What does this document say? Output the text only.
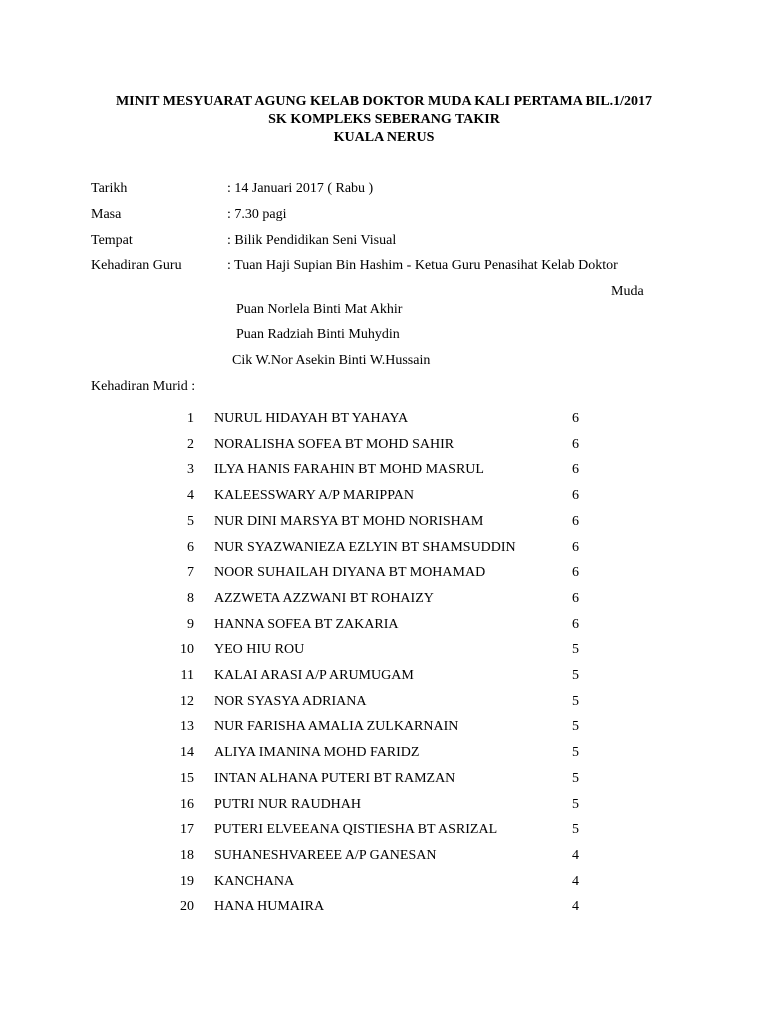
MINIT MESYUARAT AGUNG KELAB DOKTOR MUDA KALI PERTAMA BIL.1/2017
SK KOMPLEKS SEBERANG TAKIR
KUALA NERUS
Tarikh	: 14 Januari 2017 ( Rabu )
Masa	: 7.30 pagi
Tempat	: Bilik Pendidikan Seni Visual
Kehadiran Guru	: Tuan Haji Supian Bin Hashim - Ketua Guru Penasihat Kelab Doktor
Muda
Puan Norlela Binti Mat Akhir
Puan Radziah Binti Muhydin
Cik W.Nor Asekin Binti W.Hussain
Kehadiran Murid :
1 NURUL HIDAYAH BT YAHAYA	6
2 NORALISHA SOFEA BT MOHD SAHIR	6
3 ILYA HANIS FARAHIN BT MOHD MASRUL	6
4 KALEESSWARY A/P MARIPPAN	6
5 NUR DINI MARSYA BT MOHD NORISHAM	6
6 NUR SYAZWANIEZA EZLYIN BT SHAMSUDDIN	6
7 NOOR SUHAILAH DIYANA BT MOHAMAD	6
8 AZZWETA AZZWANI BT ROHAIZY	6
9 HANNA SOFEA BT ZAKARIA	6
10 YEO HIU ROU	5
11 KALAI ARASI A/P ARUMUGAM	5
12 NOR SYASYA ADRIANA	5
13 NUR FARISHA AMALIA ZULKARNAIN	5
14 ALIYA IMANINA MOHD FARIDZ	5
15 INTAN ALHANA PUTERI BT RAMZAN	5
16 PUTRI NUR RAUDHAH	5
17 PUTERI ELVEEANA QISTIESHA BT ASRIZAL	5
18 SUHANESHVAREEE A/P GANESAN	4
19 KANCHANA	4
20 HANA HUMAIRA	4
